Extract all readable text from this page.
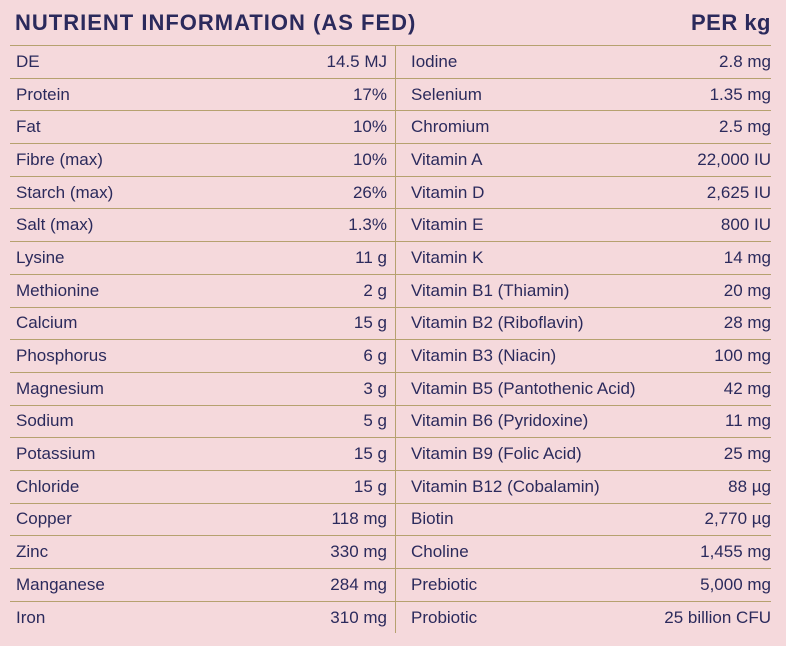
NUTRIENT INFORMATION (AS FED)	PER kg
DE	14.5 MJ
Protein	17%
Fat	10%
Fibre (max)	10%
Starch (max)	26%
Salt (max)	1.3%
Lysine	11 g
Methionine	2 g
Calcium	15 g
Phosphorus	6 g
Magnesium	3 g
Sodium	5 g
Potassium	15 g
Chloride	15 g
Copper	118 mg
Zinc	330 mg
Manganese	284 mg
Iron	310 mg
Iodine	2.8 mg
Selenium	1.35 mg
Chromium	2.5 mg
Vitamin A	22,000 IU
Vitamin D	2,625 IU
Vitamin E	800 IU
Vitamin K	14 mg
Vitamin B1 (Thiamin)	20 mg
Vitamin B2 (Riboflavin)	28 mg
Vitamin B3 (Niacin)	100 mg
Vitamin B5 (Pantothenic Acid)	42 mg
Vitamin B6 (Pyridoxine)	11 mg
Vitamin B9 (Folic Acid)	25 mg
Vitamin B12 (Cobalamin)	88 µg
Biotin	2,770 µg
Choline	1,455 mg
Prebiotic	5,000 mg
Probiotic	25 billion CFU
